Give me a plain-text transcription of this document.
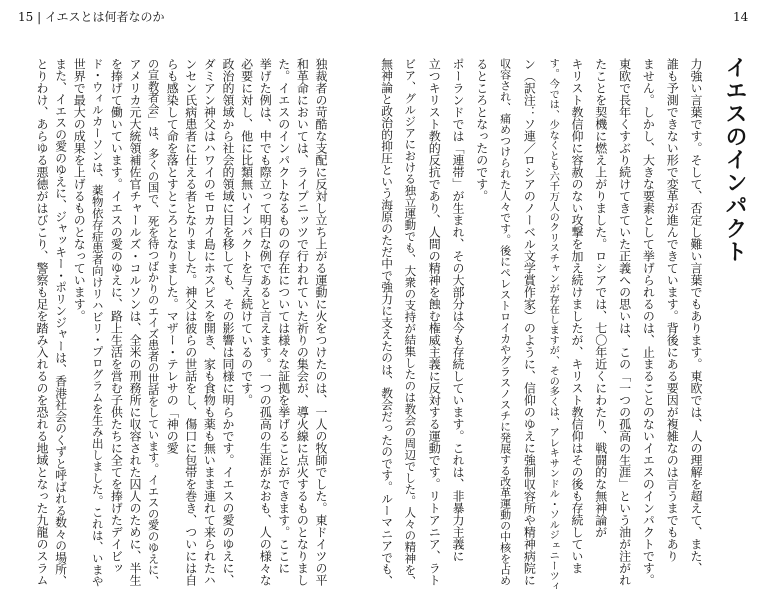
15 | イエスとは何者なのか	14
イエスのインパクト
力強い言葉です。そして、否定し難い言葉でもあります。東欧では、人の理解を超えて、また、
誰も予測できない形で変革が進んできています。背後にある要因が複雑なのは言うまでもあり
ません。しかし、大きな要素として挙げられるのは、止まることのないイエスのインパクトです。
東欧で長年くすぶり続けてきていた正義への思いは、この「一つの孤高の生涯」という油が注がれ
たことを契機に燃え上がりました。ロシアでは、七〇年近くにわたり、戦闘的な無神論が
キリスト教信仰に容赦のない攻撃を加え続けましたが、キリスト教信仰はその後も存続していま
す。今では、少なくとも六千万人のクリスチャンが存在しますが、その多くは、アレキサンドル・ソルジェニーツィ
ン（訳注：ソ連／ロシアのノーベル文学賞作家）のように、信仰のゆえに強制収容所や精神病院に
収容され、痛めつけられた人々です。後にペレストロイカやグラスノスチに発展する改革運動の中核を占め
るところとなったのです。
ポーランドでは「連帯」が生まれ、その大部分は今も存続しています。これは、非暴力主義に
立つキリスト教的反抗であり、人間の精神を蝕む権威主義に反対する運動です。リトアニア、ラト
ビア、グルジアにおける独立運動でも、大衆の支持が結集したのは教会の周辺でした。人々の精神を、
無神論と政治的抑圧という海原のただ中で強力に支えたのは、教会だったのです。ルーマニアでも、
独裁者の苛酷な支配に反対し立ち上がる運動に火をつけたのは、一人の牧師でした。東ドイツの平
和革命においては、ライプニッツで行われていた祈りの集会が、導火線に点火するものとなりまし
た。イエスのインパクトなるものの存在については様々な証拠を挙げることができます。ここに
挙げた例は、中でも際立って明白な例であると言えます。一つの孤高の生涯がなおも、人の様々な
必要に対し、他に比類無いインパクトを与え続けているのです。
政治的領域から社会的領域に目を移しても、その影響は同様に明らかです。イエスの愛のゆえに、
ダミアン神父はハワイのモロカイ島にホスピスを開き、家も食物も薬も無いまま連れて来られたハ
ンセン氏病患者に仕える者となりました。神父は彼らの世話をし、傷口に包帯を巻き、ついには自
らも感染して命を落とすところとなりました。マザー・テレサの「神の愛
の宣教者会」は、多くの国で、死を待つばかりのエイズ患者の世話をしています。イエスの愛のゆえに、
アメリカ元大統領補佐官チャールズ・コルソンは、全米の刑務所に収容された囚人のために、半生
を捧げて働いています。イエスの愛のゆえに、路上生活を営む子供たちに全てを捧げたデイビッ
ド・ウィルカーソンは、薬物依存症患者向けリハビリ・プログラムを生み出しました。これは、いまや
世界で最大の成果を上げるものとなっています。
また、イエスの愛のゆえに、ジャッキー・ポリンジャーは、香港社会のくずと呼ばれる数々の場所、
とりわけ、あらゆる悪徳がはびこり、警察も足を踏み入れるのを恐れる地域となった九龍のスラム
